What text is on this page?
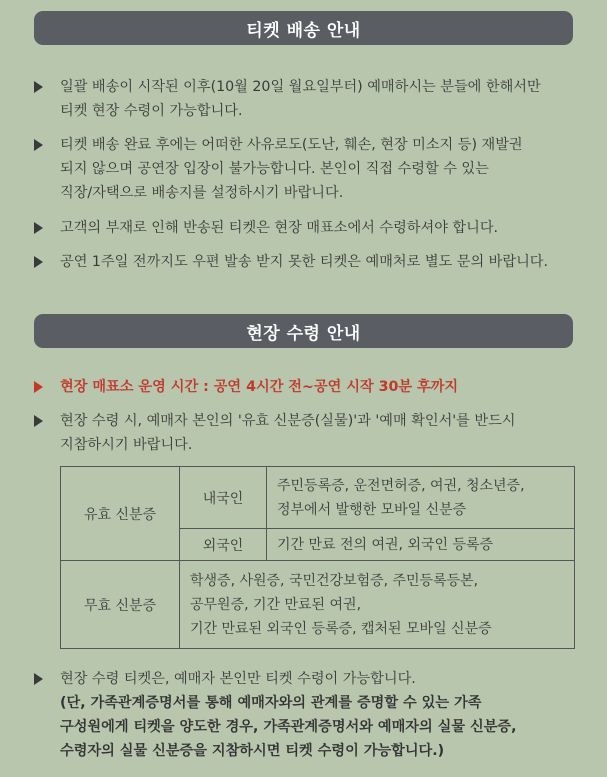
티켓 배송 안내
일괄 배송이 시작된 이후(10월 20일 월요일부터) 예매하시는 분들에 한해서만
티켓 현장 수령이 가능합니다.
티켓 배송 완료 후에는 어떠한 사유로도(도난, 훼손, 현장 미소지 등) 재발권
되지 않으며 공연장 입장이 불가능합니다. 본인이 직접 수령할 수 있는
직장/자택으로 배송지를 설정하시기 바랍니다.
고객의 부재로 인해 반송된 티켓은 현장 매표소에서 수령하셔야 합니다.
공연 1주일 전까지도 우편 발송 받지 못한 티켓은 예매처로 별도 문의 바랍니다.
현장 수령 안내
현장 매표소 운영 시간 : 공연 4시간 전~공연 시작 30분 후까지
현장 수령 시, 예매자 본인의 '유효 신분증(실물)'과 '예매 확인서'를 반드시
지참하시기 바랍니다.
유효 신분증	내국인	주민등록증, 운전면허증, 여권, 청소년증,
정부에서 발행한 모바일 신분증

	외국인	기간 만료 전의 여권, 외국인 등록증
무효 신분증	학생증, 사원증, 국민건강보험증, 주민등록등본,
공무원증, 기간 만료된 여권,
기간 만료된 외국인 등록증, 캡처된 모바일 신분증	
현장 수령 티켓은, 예매자 본인만 티켓 수령이 가능합니다.
(단, 가족관계증명서를 통해 예매자와의 관계를 증명할 수 있는 가족
구성원에게 티켓을 양도한 경우, 가족관계증명서와 예매자의 실물 신분증,
수령자의 실물 신분증을 지참하시면 티켓 수령이 가능합니다.)
